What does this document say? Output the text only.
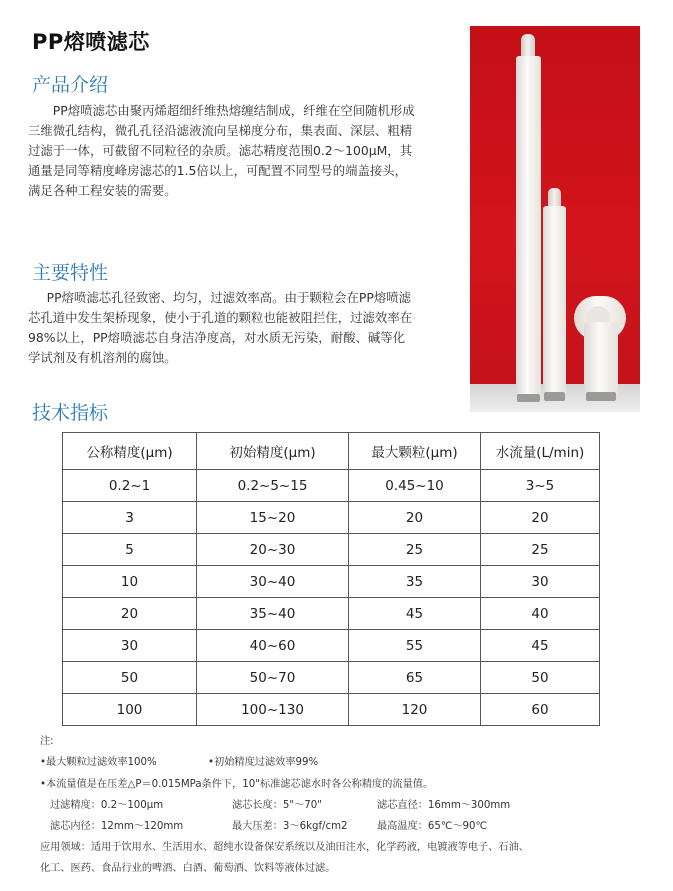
PP熔喷滤芯
产品介绍
PP熔喷滤芯由聚丙烯超细纤维热熔缠结制成，纤维在空间随机形成三维微孔结构，微孔孔径沿滤液流向呈梯度分布，集表面、深层、粗精过滤于一体，可截留不同粒径的杂质。滤芯精度范围0.2～100μM，其通量是同等精度峰房滤芯的1.5倍以上，可配置不同型号的端盖接头，满足各种工程安装的需要。
主要特性
PP熔喷滤芯孔径致密、均匀，过滤效率高。由于颗粒会在PP熔喷滤芯孔道中发生架桥现象，使小于孔道的颗粒也能被阻拦住，过滤效率在98%以上，PP熔喷滤芯自身洁净度高，对水质无污染，耐酸、碱等化学试剂及有机溶剂的腐蚀。
技术指标
公称精度(μm)	初始精度(μm)	最大颗粒(μm)	水流量(L/min)
0.2~1	0.2~5~15	0.45~10	3~5
3	15~20	20	20
5	20~30	25	25
10	30~40	35	30
20	35~40	45	40
30	40~60	55	45
50	50~70	65	50
100	100~130	120	60
注:
•最大颗粒过滤效率100%	•初始精度过滤效率99%
•本流量值是在压差△P＝0.015MPa条件下，10"标准滤芯滤水时各公称精度的流量值。
过滤精度：0.2～100μm	滤芯长度：5"～70"	滤芯直径：16mm～300mm
滤芯内径：12mm～120mm	最大压差：3～6kgf/cm2	最高温度：65℃～90℃
应用领域：适用于饮用水、生活用水、超纯水设备保安系统以及油田注水，化学药液，电镀液等电子、石油、
化工、医药、食品行业的啤酒、白酒、葡萄酒、饮料等液体过滤。
